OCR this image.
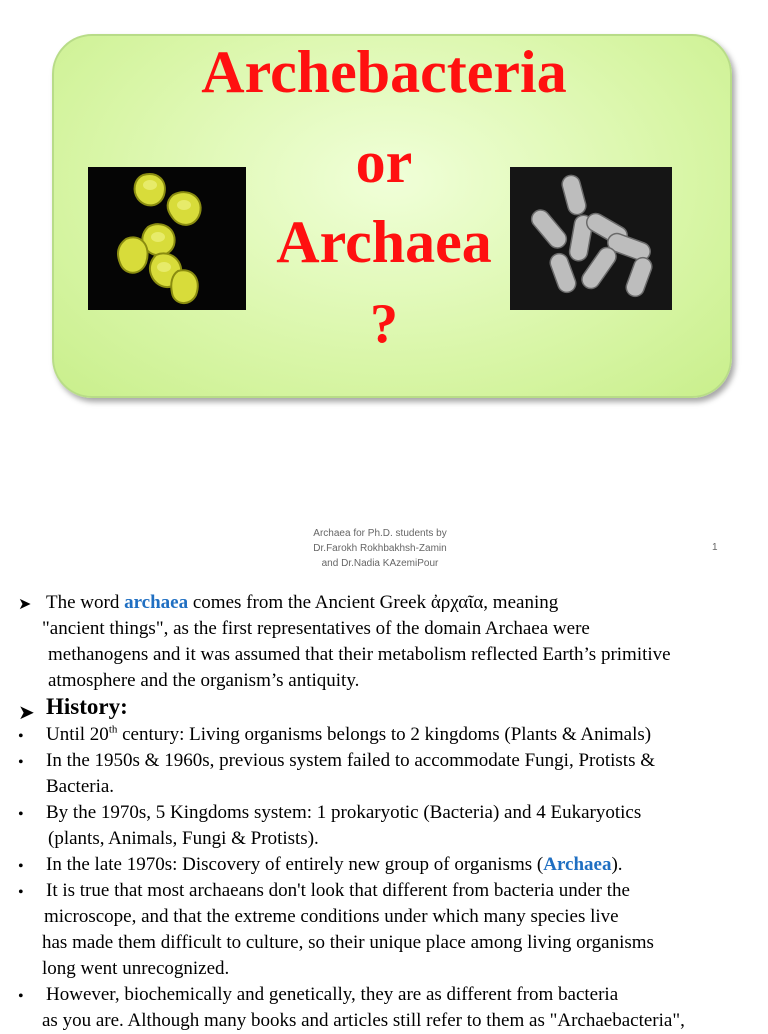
Archebacteria
or
Archaea
?
Archaea for Ph.D. students by
Dr.Farokh Rokhbakhsh-Zamin
and Dr.Nadia KAzemiPour
1
➤ The word archaea comes from the Ancient Greek ἀρχαῖα, meaning
"ancient things", as the first representatives of the domain Archaea were
methanogens and it was assumed that their metabolism reflected Earth’s primitive
atmosphere and the organism’s antiquity.
➤ History:
• Until 20th century: Living organisms belongs to 2 kingdoms (Plants & Animals)
• In the 1950s & 1960s, previous system failed to accommodate Fungi, Protists &
Bacteria.
• By the 1970s, 5 Kingdoms system: 1 prokaryotic (Bacteria) and 4 Eukaryotics
(plants, Animals, Fungi & Protists).
• In the late 1970s: Discovery of entirely new group of organisms (Archaea).
• It is true that most archaeans don't look that different from bacteria under the
microscope, and that the extreme conditions under which many species live
has made them difficult to culture, so their unique place among living organisms
long went unrecognized.
• However, biochemically and genetically, they are as different from bacteria
as you are. Although many books and articles still refer to them as "Archaebacteria",
